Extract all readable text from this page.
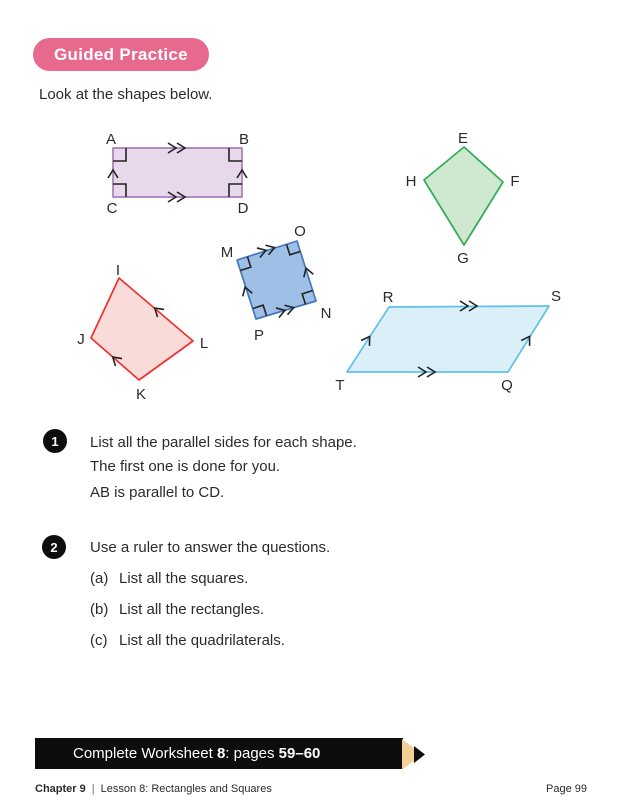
Guided Practice
Look at the shapes below.
A	B
C	D
E
F
G
H
M
O
N
P
I
J
K
L
R	S
Q
T
1 List all the parallel sides for each shape.
The first one is done for you.
AB is parallel to CD.
2 Use a ruler to answer the questions.
(a) List all the squares.
(b) List all the rectangles.
(c) List all the quadrilaterals.
Complete Worksheet 8: pages 59–60
Chapter 9 | Lesson 8: Rectangles and Squares	Page 99
